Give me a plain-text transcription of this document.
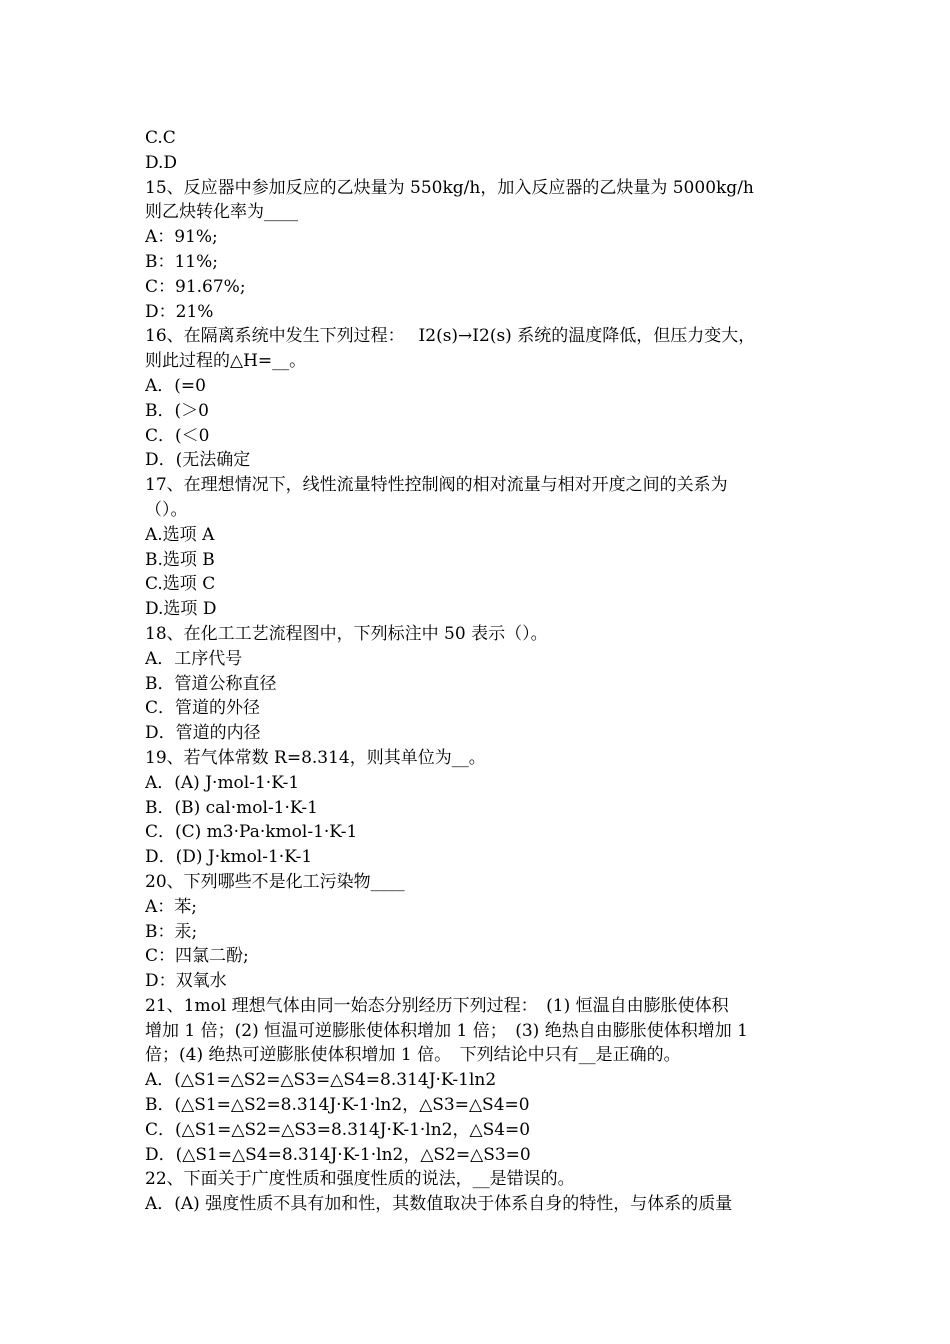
C.C
D.D
15、反应器中参加反应的乙炔量为 550kg/h，加入反应器的乙炔量为 5000kg/h
则乙炔转化率为____
A：91%;
B：11%;
C：91.67%;
D：21%
16、在隔离系统中发生下列过程：　 I2(s)→I2(s) 系统的温度降低，但压力变大，
则此过程的△H=__。
A．(=0
B．(＞0
C．(＜0
D．(无法确定
17、在理想情况下，线性流量特性控制阀的相对流量与相对开度之间的关系为
（）。
A.选项 A
B.选项 B
C.选项 C
D.选项 D
18、在化工工艺流程图中，下列标注中 50 表示（）。
A．工序代号
B．管道公称直径
C．管道的外径
D．管道的内径
19、若气体常数 R=8.314，则其单位为__。
A．(A) J·mol-1·K-1
B．(B) cal·mol-1·K-1
C．(C) m3·Pa·kmol-1·K-1
D．(D) J·kmol-1·K-1
20、下列哪些不是化工污染物____
A：苯;
B：汞;
C：四氯二酚;
D：双氧水
21、1mol 理想气体由同一始态分别经历下列过程：　(1) 恒温自由膨胀使体积
增加 1 倍；(2) 恒温可逆膨胀使体积增加 1 倍；　(3) 绝热自由膨胀使体积增加 1
倍；(4) 绝热可逆膨胀使体积增加 1 倍。　下列结论中只有__是正确的。
A．(△S1=△S2=△S3=△S4=8.314J·K-1ln2
B．(△S1=△S2=8.314J·K-1·ln2，△S3=△S4=0
C．(△S1=△S2=△S3=8.314J·K-1·ln2，△S4=0
D．(△S1=△S4=8.314J·K-1·ln2，△S2=△S3=0
22、下面关于广度性质和强度性质的说法，__是错误的。
A．(A) 强度性质不具有加和性，其数值取决于体系自身的特性，与体系的质量
